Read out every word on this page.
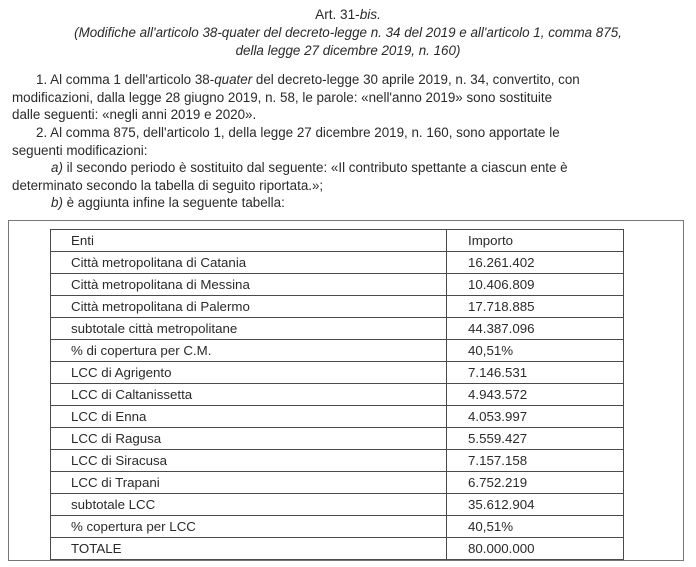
Art. 31-bis.
(Modifiche all'articolo 38-quater del decreto-legge n. 34 del 2019 e all'articolo 1, comma 875,
della legge 27 dicembre 2019, n. 160)
1. Al comma 1 dell'articolo 38-quater del decreto-legge 30 aprile 2019, n. 34, convertito, con
modificazioni, dalla legge 28 giugno 2019, n. 58, le parole: «nell'anno 2019» sono sostituite
dalle seguenti: «negli anni 2019 e 2020».
2. Al comma 875, dell'articolo 1, della legge 27 dicembre 2019, n. 160, sono apportate le
seguenti modificazioni:
a) il secondo periodo è sostituito dal seguente: «Il contributo spettante a ciascun ente è
determinato secondo la tabella di seguito riportata.»;
b) è aggiunta infine la seguente tabella:
Enti	Importo
Città metropolitana di Catania	16.261.402
Città metropolitana di Messina	10.406.809
Città metropolitana di Palermo	17.718.885
subtotale città metropolitane	44.387.096
% di copertura per C.M.	40,51%
LCC di Agrigento	7.146.531
LCC di Caltanissetta	4.943.572
LCC di Enna	4.053.997
LCC di Ragusa	5.559.427
LCC di Siracusa	7.157.158
LCC di Trapani	6.752.219
subtotale LCC	35.612.904
% copertura per LCC	40,51%
TOTALE	80.000.000
